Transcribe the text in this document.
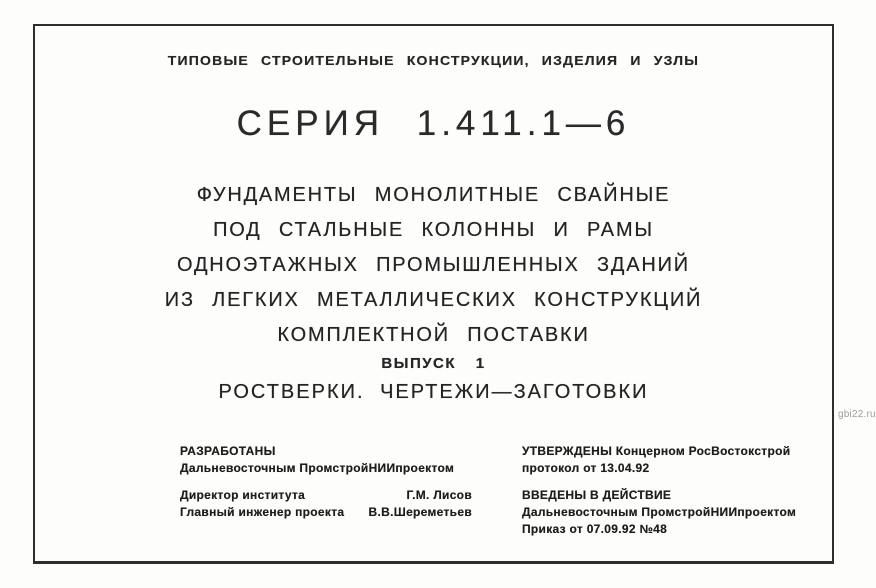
ТИПОВЫЕ СТРОИТЕЛЬНЫЕ КОНСТРУКЦИИ, ИЗДЕЛИЯ И УЗЛЫ
СЕРИЯ 1.411.1—6
ФУНДАМЕНТЫ МОНОЛИТНЫЕ СВАЙНЫЕ
ПОД СТАЛЬНЫЕ КОЛОННЫ И РАМЫ
ОДНОЭТАЖНЫХ ПРОМЫШЛЕННЫХ ЗДАНИЙ
ИЗ ЛЕГКИХ МЕТАЛЛИЧЕСКИХ КОНСТРУКЦИЙ
КОМПЛЕКТНОЙ ПОСТАВКИ
ВЫПУСК 1
РОСТВЕРКИ. ЧЕРТЕЖИ—ЗАГОТОВКИ
РАЗРАБОТАНЫ
Дальневосточным ПромстройНИИпроектом
Директор института	Г.М. Лисов
Главный инженер проекта В.В.Шереметьев
УТВЕРЖДЕНЫ Концерном РосВостокстрой
протокол от 13.04.92
ВВЕДЕНЫ В ДЕЙСТВИЕ
Дальневосточным ПромстройНИИпроектом
Приказ от 07.09.92 №48
gbi22.ru
